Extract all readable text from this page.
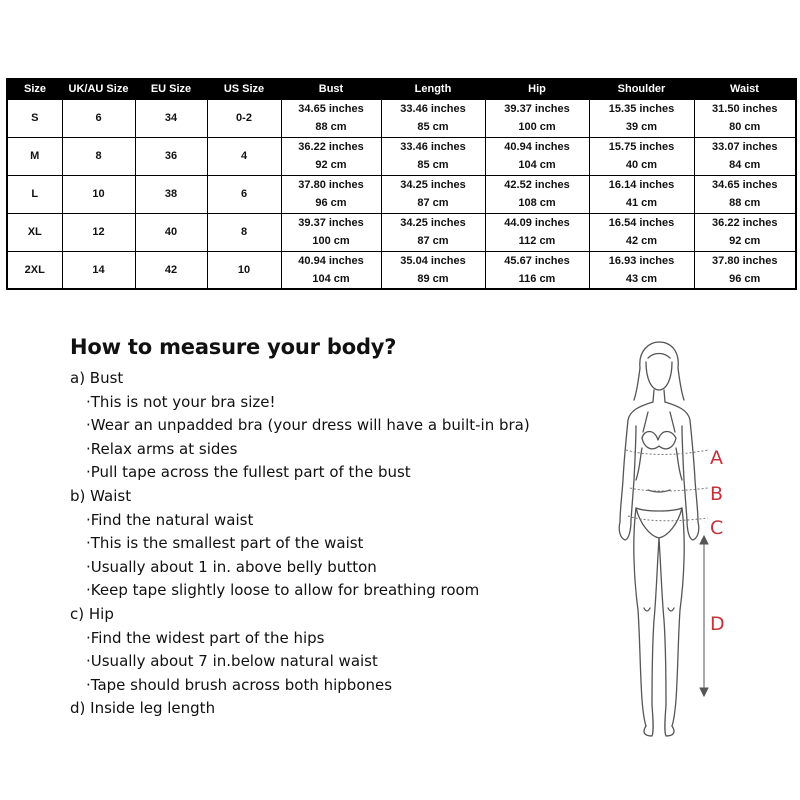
Size	UK/AU Size	EU Size	US Size	Bust	Length	Hip	Shoulder	Waist
S	6	34	0-2	34.65 inches	33.46 inches	39.37 inches	15.35 inches	31.50 inches
				88 cm	85 cm	100 cm	39 cm	80 cm
M	8	36	4	36.22 inches	33.46 inches	40.94 inches	15.75 inches	33.07 inches
				92 cm	85 cm	104 cm	40 cm	84 cm
L	10	38	6	37.80 inches	34.25 inches	42.52 inches	16.14 inches	34.65 inches
				96 cm	87 cm	108 cm	41 cm	88 cm
XL	12	40	8	39.37 inches	34.25 inches	44.09 inches	16.54 inches	36.22 inches
				100 cm	87 cm	112 cm	42 cm	92 cm
2XL	14	42	10	40.94 inches	35.04 inches	45.67 inches	16.93 inches	37.80 inches
				104 cm	89 cm	116 cm	43 cm	96 cm
How to measure your body?
a) Bust
·This is not your bra size!
·Wear an unpadded bra (your dress will have a built-in bra)
·Relax arms at sides
·Pull tape across the fullest part of the bust
b) Waist
·Find the natural waist
·This is the smallest part of the waist
·Usually about 1 in. above belly button
·Keep tape slightly loose to allow for breathing room
c) Hip
·Find the widest part of the hips
·Usually about 7 in.below natural waist
·Tape should brush across both hipbones
d) Inside leg length
A
B
C
D
